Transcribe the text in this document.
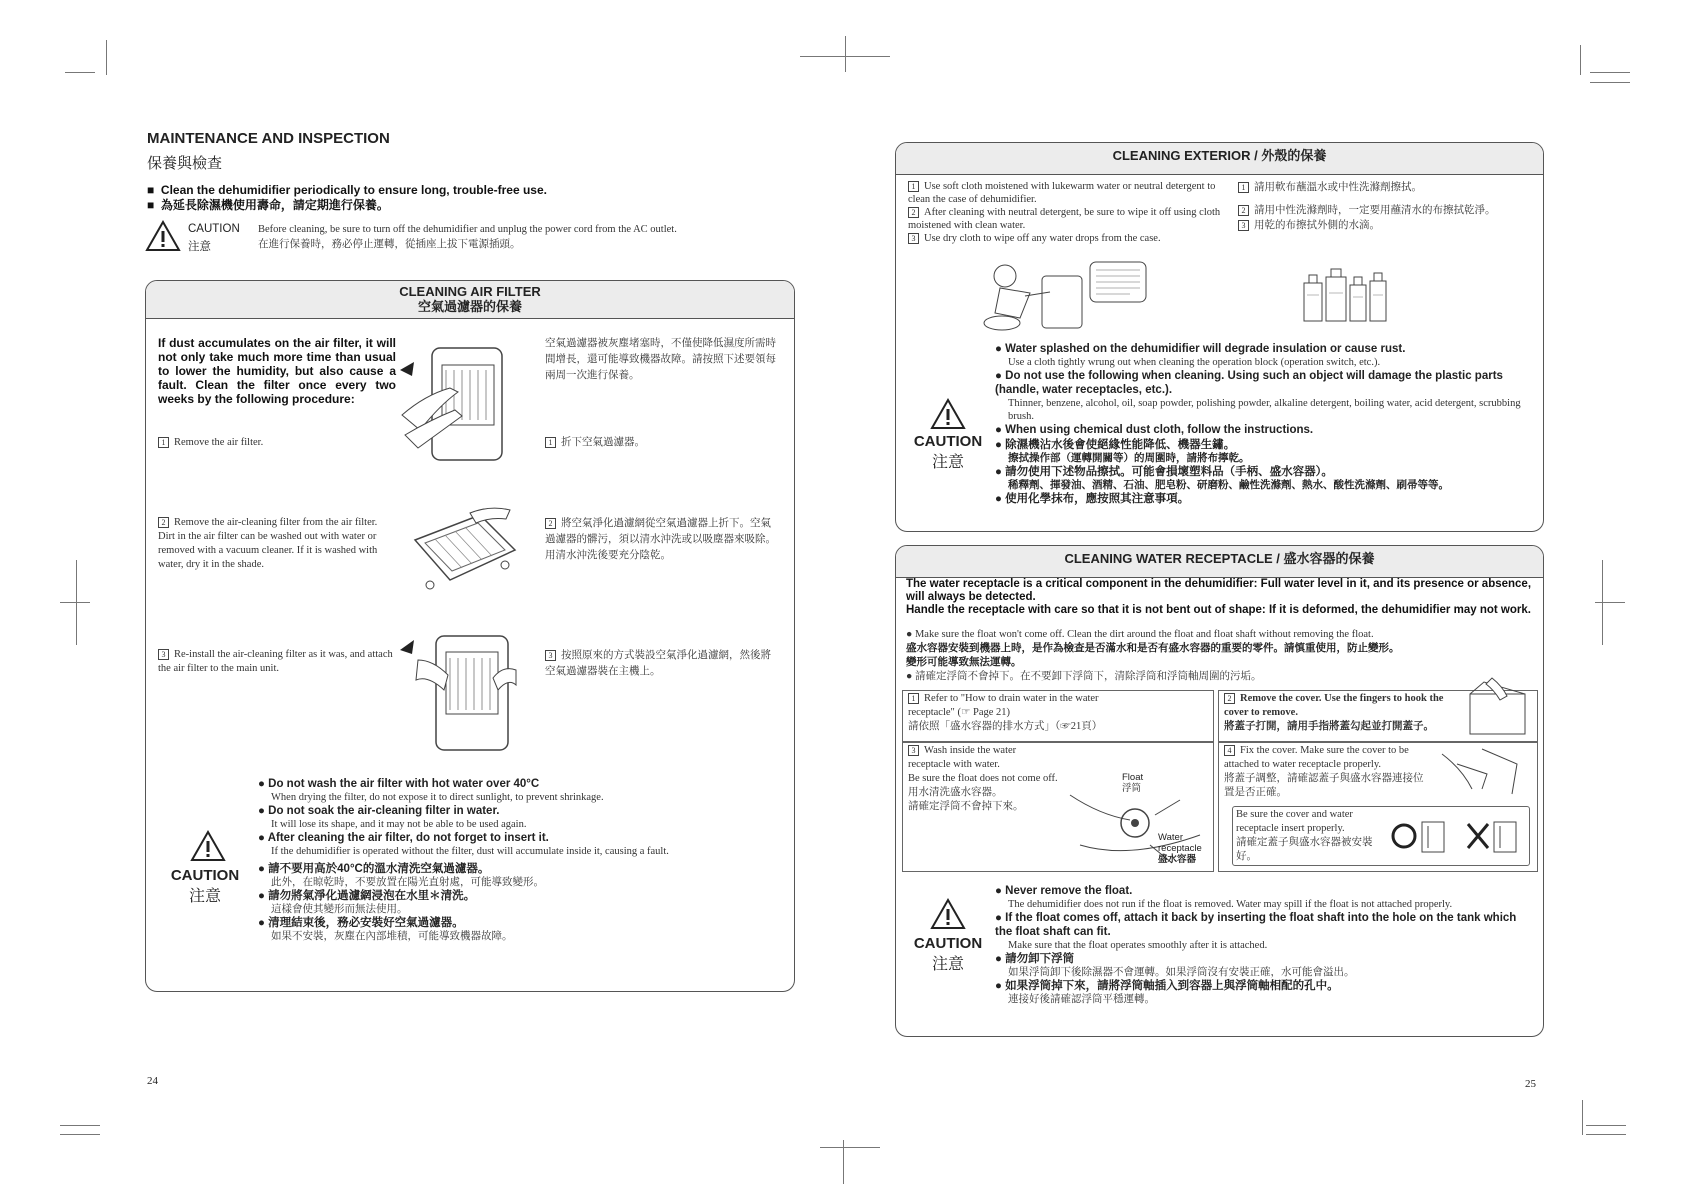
MAINTENANCE AND INSPECTION
保養與檢查
■  Clean the dehumidifier periodically to ensure long, trouble-free use.
■  為延長除濕機使用壽命，請定期進行保養。
CAUTION
注意
Before cleaning, be sure to turn off the dehumidifier and unplug the power cord from the AC outlet.
在進行保養時，務必停止運轉，從插座上拔下電源插頭。
CLEANING AIR FILTER
空氣過濾器的保養
If dust accumulates on the air filter, it will not only take much more time than usual to lower the humidity, but also cause a fault. Clean the filter once every two weeks by the following procedure:
空氣過濾器被灰塵堵塞時，不僅使降低濕度所需時間增長，還可能導致機器故障。請按照下述要領每兩周一次進行保養。
1 Remove the air filter.	1 折下空氣過濾器。
2 Remove the air-cleaning filter from the air filter. Dirt in the air filter can be washed out with water or removed with a vacuum cleaner. If it is washed with water, dry it in the shade.
2 將空氣淨化過濾網從空氣過濾器上折下。空氣過濾器的髒污，須以清水沖洗或以吸塵器來吸除。用清水沖洗後要充分陰乾。
3 Re-install the air-cleaning filter as it was, and attach the air filter to the main unit.
3 按照原來的方式裝設空氣淨化過濾網，然後將空氣過濾器裝在主機上。
CAUTION
注意
● Do not wash the air filter with hot water over 40°C
When drying the filter, do not expose it to direct sunlight, to prevent shrinkage.
● Do not soak the air-cleaning filter in water.
It will lose its shape, and it may not be able to be used again.
● After cleaning the air filter, do not forget to insert it.
If the dehumidifier is operated without the filter, dust will accumulate inside it, causing a fault.
● 請不要用高於40°C的溫水清洗空氣過濾器。
此外，在晾乾時，不要放置在陽光直射處，可能導致變形。
● 請勿將氣淨化過濾網浸泡在水里＊清洗。
這樣會使其變形而無法使用。
● 清理結束後，務必安裝好空氣過濾器。
如果不安裝，灰塵在內部堆積，可能導致機器故障。
24
CLEANING EXTERIOR / 外殼的保養
1 Use soft cloth moistened with lukewarm water or neutral detergent to clean the case of dehumidifier.
2 After cleaning with neutral detergent, be sure to wipe it off using cloth moistened with clean water.
3 Use dry cloth to wipe off any water drops from the case.
1 請用軟布蘸溫水或中性洗滌劑擦拭。
2 請用中性洗滌劑時，一定要用蘸清水的布擦拭乾淨。
3 用乾的布擦拭外側的水滴。
CAUTION
注意
● Water splashed on the dehumidifier will degrade insulation or cause rust.
Use a cloth tightly wrung out when cleaning the operation block (operation switch, etc.).
● Do not use the following when cleaning. Using such an object will damage the plastic parts (handle, water receptacles, etc.).
Thinner, benzene, alcohol, oil, soap powder, polishing powder, alkaline detergent, boiling water, acid detergent, scrubbing brush.
● When using chemical dust cloth, follow the instructions.
● 除濕機沾水後會使絕緣性能降低、機器生鏽。
擦拭操作部（運轉開關等）的周圍時，請將布擰乾。
● 請勿使用下述物品擦拭。可能會損壞塑料品（手柄、盛水容器）。
稀釋劑、揮發油、酒精、石油、肥皂粉、研磨粉、鹼性洗滌劑、熱水、酸性洗滌劑、刷帚等等。
● 使用化學抹布，應按照其注意事項。
CLEANING WATER RECEPTACLE / 盛水容器的保養
The water receptacle is a critical component in the dehumidifier: Full water level in it, and its presence or absence, will always be detected.
Handle the receptacle with care so that it is not bent out of shape: If it is deformed, the dehumidifier may not work.
● Make sure the float won't come off. Clean the dirt around the float and float shaft without removing the float.
盛水容器安裝到機器上時，是作為檢查是否滿水和是否有盛水容器的重要的零件。請慎重使用，防止變形。
變形可能導致無法運轉。
● 請確定浮筒不會掉下。在不要卸下浮筒下，清除浮筒和浮筒軸周圍的污垢。
1 Refer to "How to drain water in the water receptacle" (☞ Page 21)
請依照「盛水容器的排水方式」（☞21頁）
2 Remove the cover. Use the fingers to hook the cover to remove.
將蓋子打開，請用手指將蓋勾起並打開蓋子。
3 Wash inside the water receptacle with water.
Be sure the float does not come off.
用水清洗盛水容器。
請確定浮筒不會掉下來。
Float
浮筒
Water receptacle
盛水容器
4 Fix the cover. Make sure the cover to be attached to water receptacle properly.
將蓋子調整，請確認蓋子與盛水容器連接位置是否正確。
Be sure the cover and water receptacle insert properly.
請確定蓋子與盛水容器被安裝好。
CAUTION
注意
● Never remove the float.
The dehumidifier does not run if the float is removed. Water may spill if the float is not attached properly.
● If the float comes off, attach it back by inserting the float shaft into the hole on the tank which the float shaft can fit.
Make sure that the float operates smoothly after it is attached.
● 請勿卸下浮筒
如果浮筒卸下後除濕器不會運轉。如果浮筒沒有安裝正確，水可能會溢出。
● 如果浮筒掉下來，請將浮筒軸插入到容器上與浮筒軸相配的孔中。
連接好後請確認浮筒平穩運轉。
25
